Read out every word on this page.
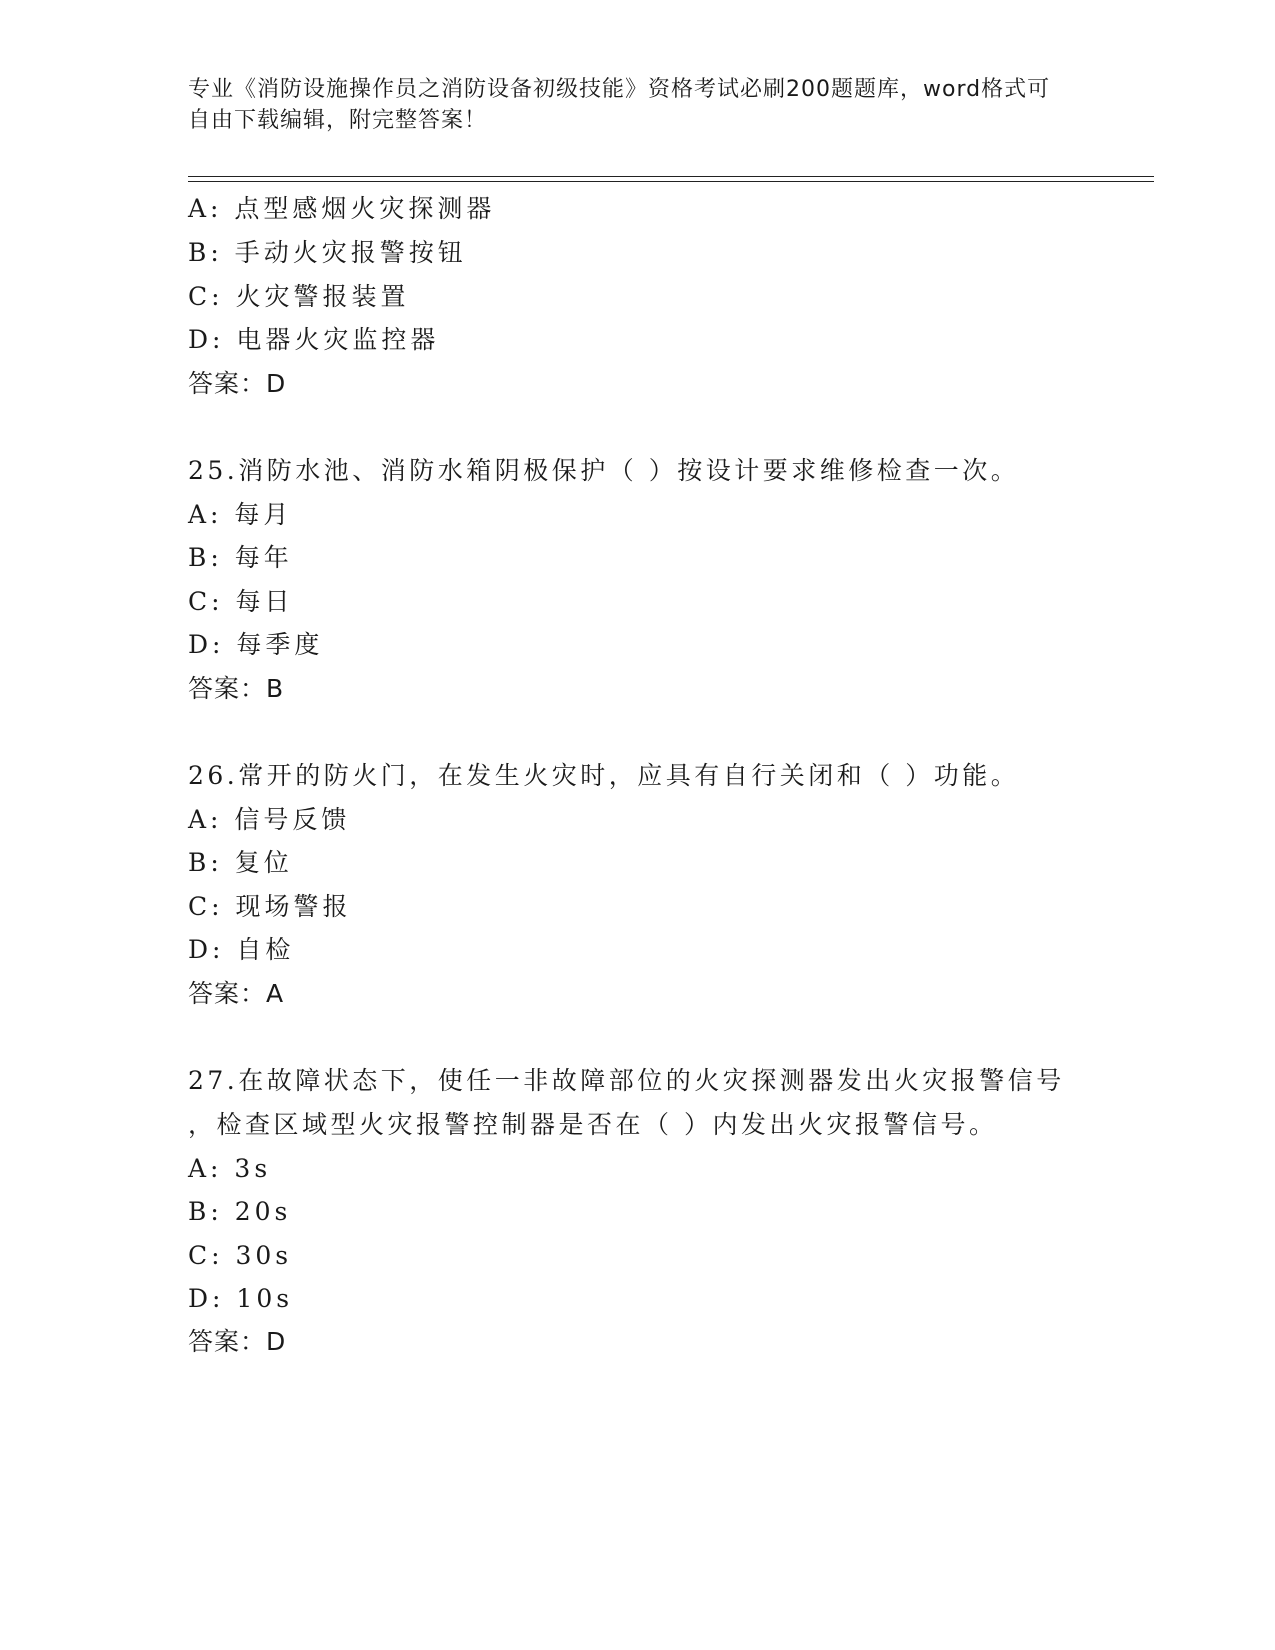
专业《消防设施操作员之消防设备初级技能》资格考试必刷200题题库，word格式可自由下载编辑，附完整答案！
A: 点型感烟火灾探测器
B: 手动火灾报警按钮
C: 火灾警报装置
D: 电器火灾监控器
答案：D
25.消防水池、消防水箱阴极保护（ ）按设计要求维修检查一次。
A: 每月
B: 每年
C: 每日
D: 每季度
答案：B
26.常开的防火门，在发生火灾时，应具有自行关闭和（ ）功能。
A: 信号反馈
B: 复位
C: 现场警报
D: 自检
答案：A
27.在故障状态下，使任一非故障部位的火灾探测器发出火灾报警信号
，检查区域型火灾报警控制器是否在（ ）内发出火灾报警信号。
A: 3s
B: 20s
C: 30s
D: 10s
答案：D
